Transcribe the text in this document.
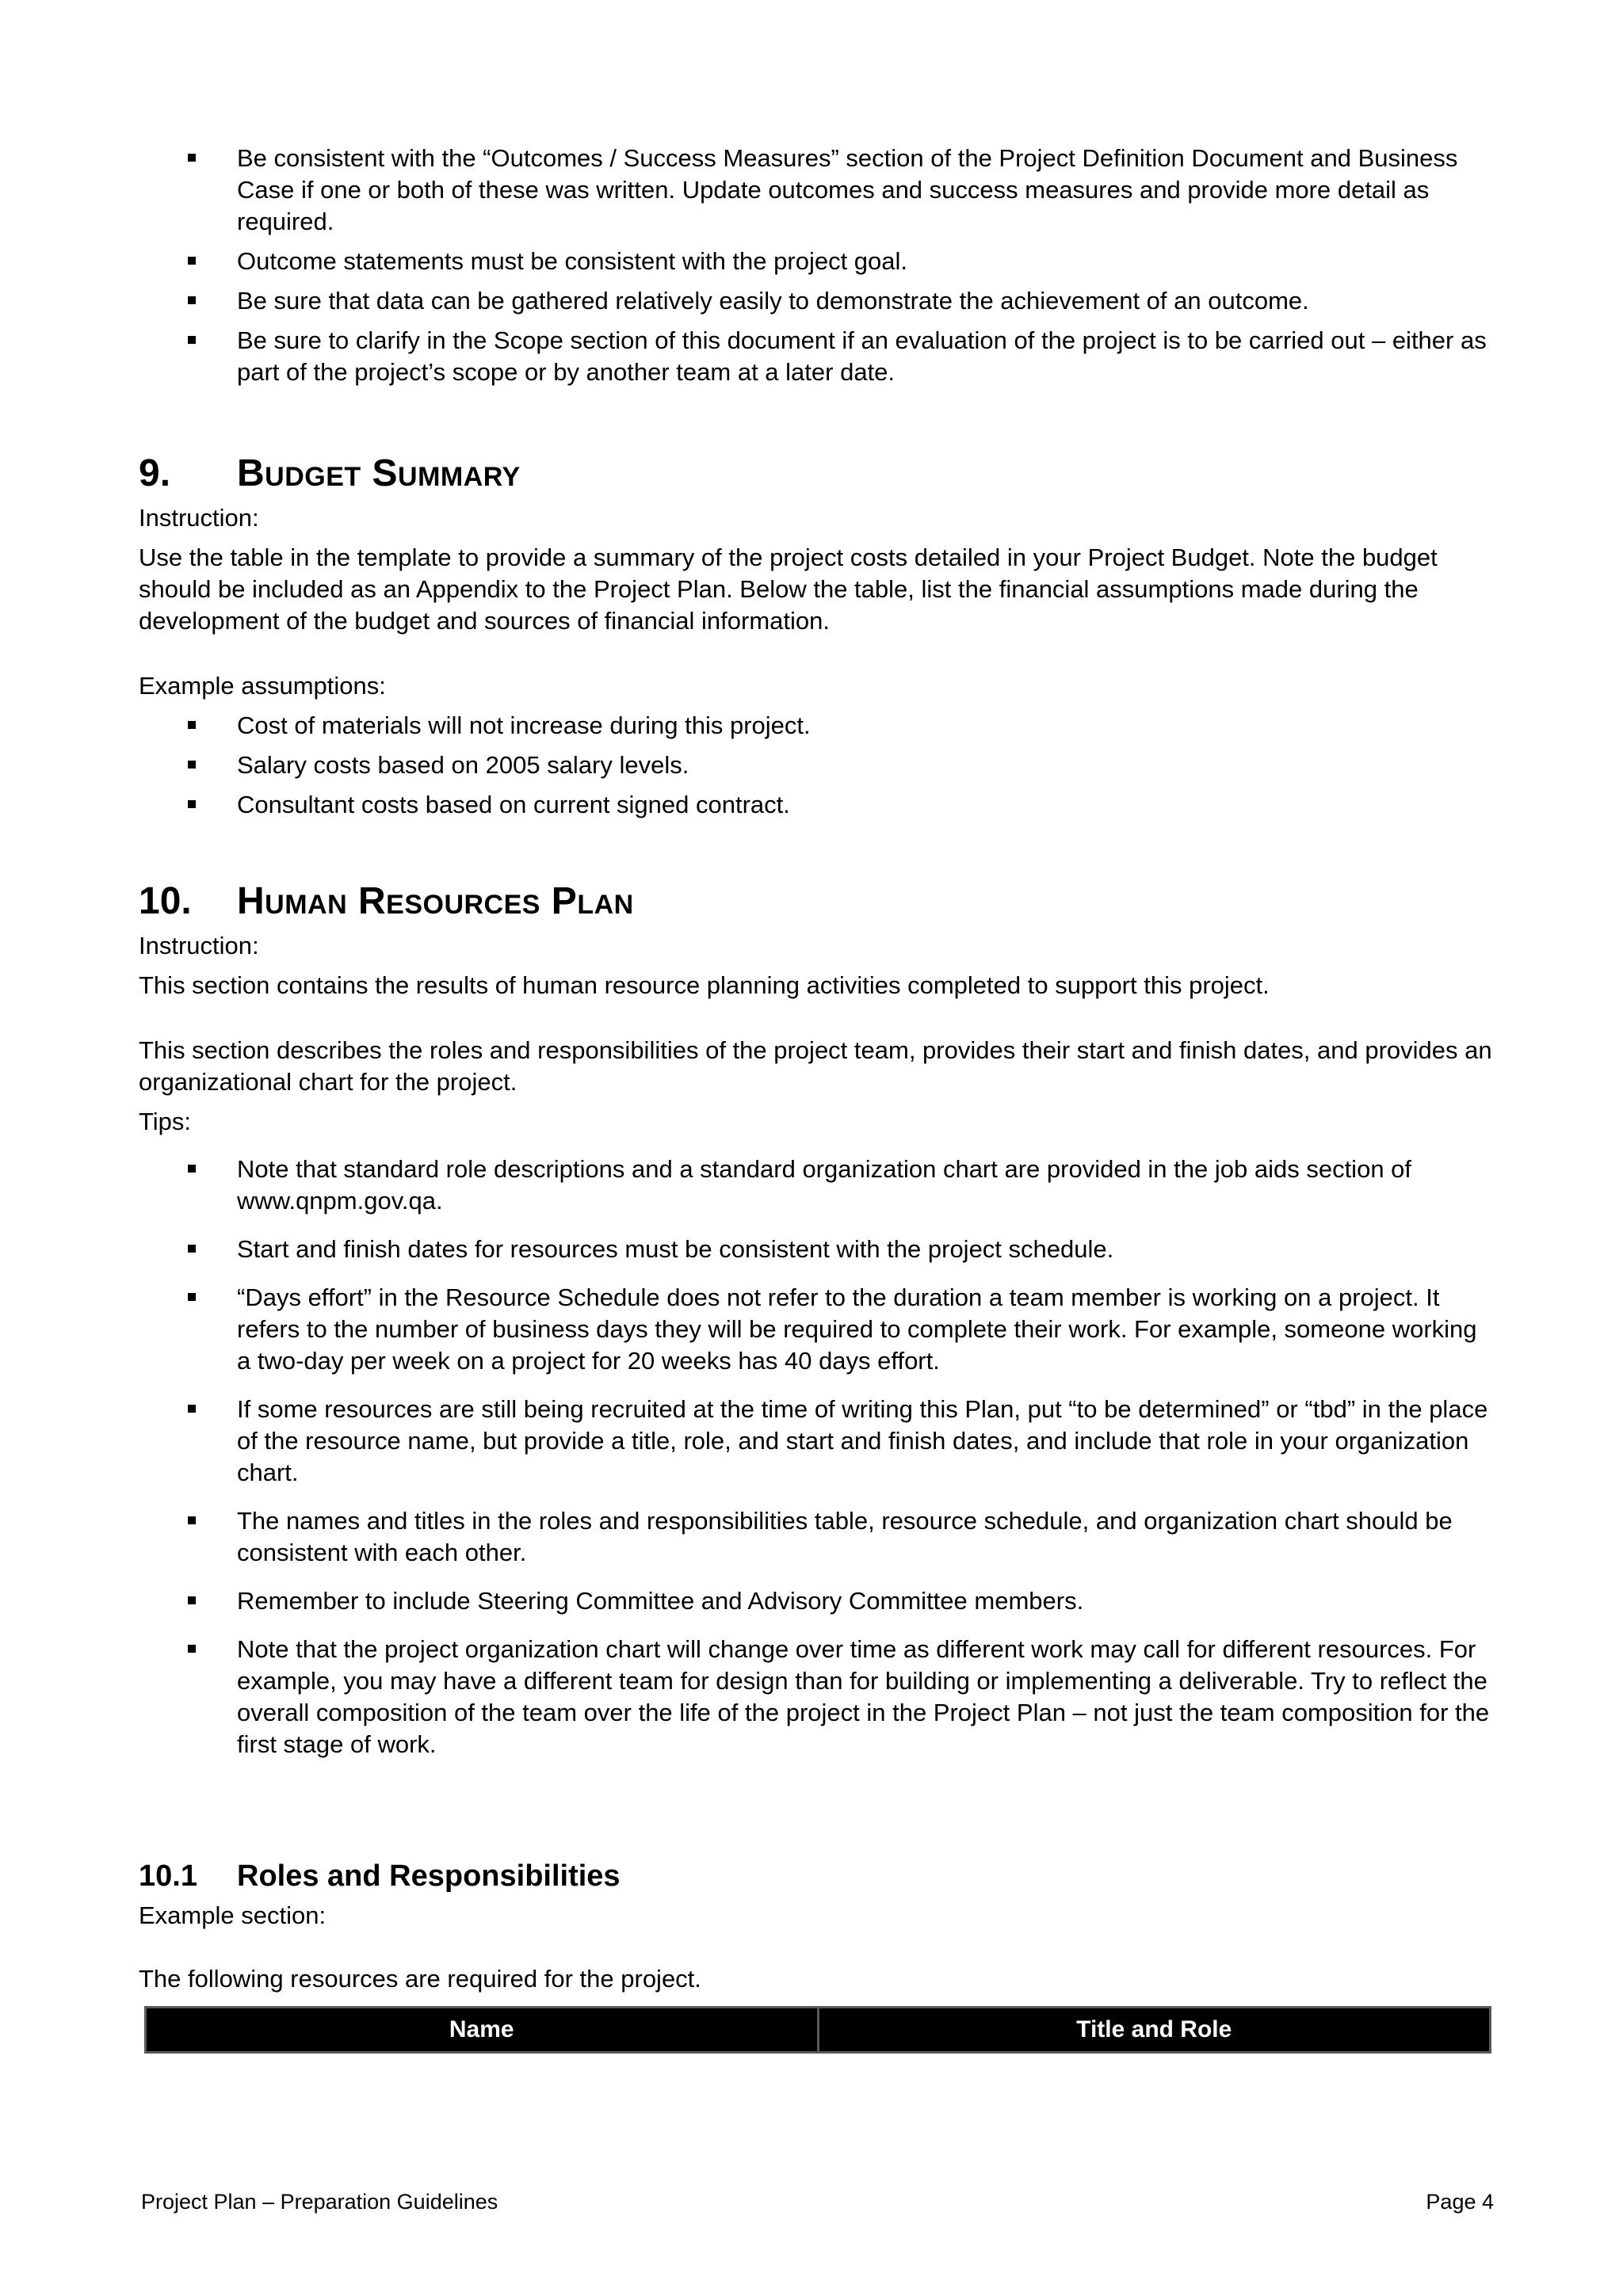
Be consistent with the “Outcomes / Success Measures” section of the Project Definition Document and Business Case if one or both of these was written. Update outcomes and success measures and provide more detail as required.
Outcome statements must be consistent with the project goal.
Be sure that data can be gathered relatively easily to demonstrate the achievement of an outcome.
Be sure to clarify in the Scope section of this document if an evaluation of the project is to be carried out – either as part of the project’s scope or by another team at a later date.
9.	Budget Summary

Instruction:

Use the table in the template to provide a summary of the project costs detailed in your Project Budget. Note the budget should be included as an Appendix to the Project Plan. Below the table, list the financial assumptions made during the development of the budget and sources of financial information.

Example assumptions:

Cost of materials will not increase during this project.
Salary costs based on 2005 salary levels.
Consultant costs based on current signed contract.
10.	Human Resources Plan

Instruction:

This section contains the results of human resource planning activities completed to support this project.

This section describes the roles and responsibilities of the project team, provides their start and finish dates, and provides an organizational chart for the project.

Tips:

Note that standard role descriptions and a standard organization chart are provided in the job aids section of www.qnpm.gov.qa.
Start and finish dates for resources must be consistent with the project schedule.
“Days effort” in the Resource Schedule does not refer to the duration a team member is working on a project. It refers to the number of business days they will be required to complete their work. For example, someone working a two-day per week on a project for 20 weeks has 40 days effort.
If some resources are still being recruited at the time of writing this Plan, put “to be determined” or “tbd” in the place of the resource name, but provide a title, role, and start and finish dates, and include that role in your organization chart.
The names and titles in the roles and responsibilities table, resource schedule, and organization chart should be consistent with each other.
Remember to include Steering Committee and Advisory Committee members.
Note that the project organization chart will change over time as different work may call for different resources. For example, you may have a different team for design than for building or implementing a deliverable. Try to reflect the overall composition of the team over the life of the project in the Project Plan – not just the team composition for the first stage of work.
10.1	Roles and Responsibilities

Example section:

The following resources are required for the project.

Name	Title and Role
Project Plan – Preparation Guidelines	Page 4
